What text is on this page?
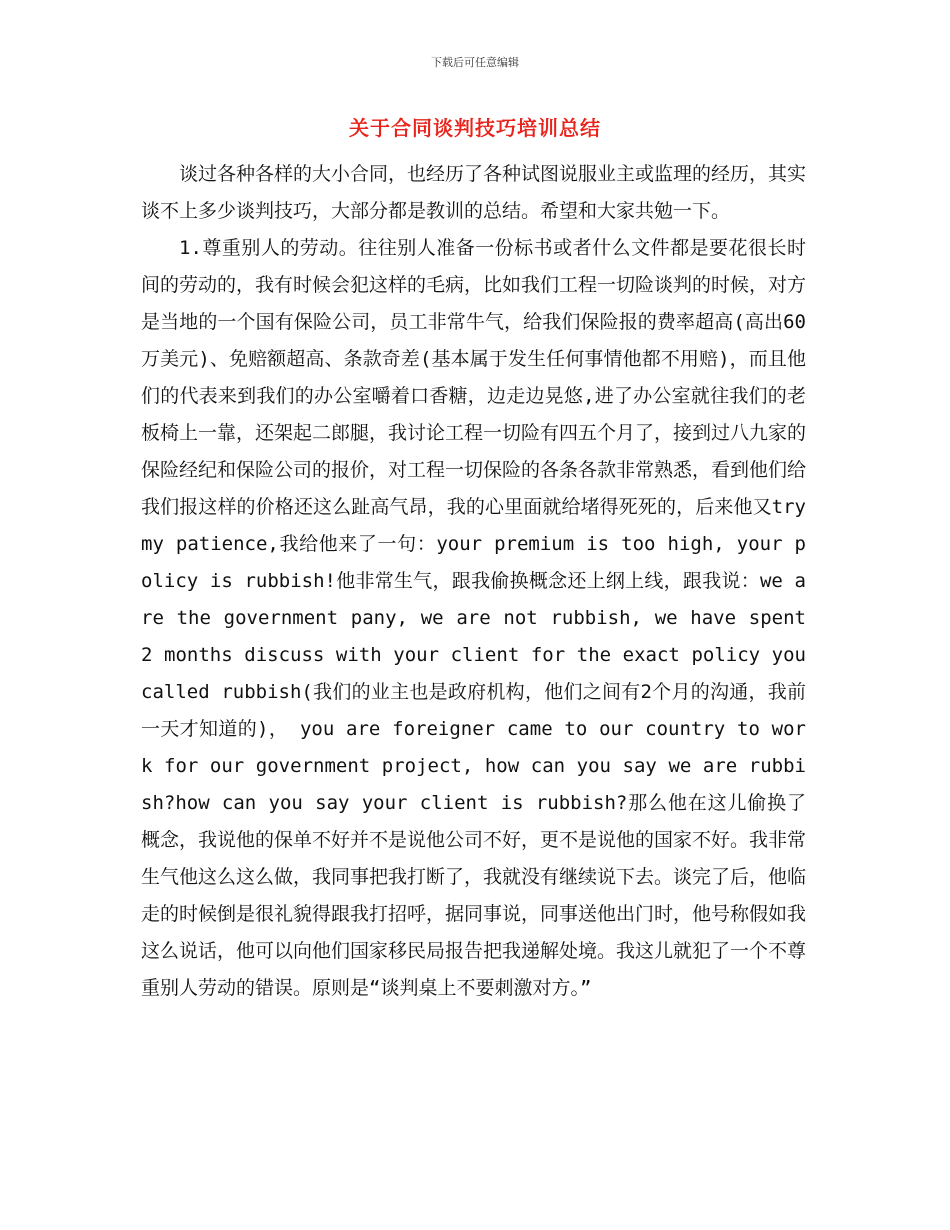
下载后可任意编辑
关于合同谈判技巧培训总结

谈过各种各样的大小合同，也经历了各种试图说服业主或监理的经历，其实谈不上多少谈判技巧，大部分都是教训的总结。希望和大家共勉一下。

1.尊重别人的劳动。往往别人准备一份标书或者什么文件都是要花很长时间的劳动的，我有时候会犯这样的毛病，比如我们工程一切险谈判的时候，对方是当地的一个国有保险公司，员工非常牛气，给我们保险报的费率超高(高出60万美元)、免赔额超高、条款奇差(基本属于发生任何事情他都不用赔)，而且他们的代表来到我们的办公室嚼着口香糖，边走边晃悠,进了办公室就往我们的老板椅上一靠，还架起二郎腿，我讨论工程一切险有四五个月了，接到过八九家的保险经纪和保险公司的报价，对工程一切保险的各条各款非常熟悉，看到他们给我们报这样的价格还这么趾高气昂，我的心里面就给堵得死死的，后来他又try my patience,我给他来了一句：your premium is too high, your policy is rubbish!他非常生气，跟我偷换概念还上纲上线，跟我说：we are the government pany, we are not rubbish, we have spent 2 months discuss with your client for the exact policy you called rubbish(我们的业主也是政府机构，他们之间有2个月的沟通，我前一天才知道的)， you are foreigner came to our country to work for our government project, how can you say we are rubbish?how can you say your client is rubbish?那么他在这儿偷换了概念，我说他的保单不好并不是说他公司不好，更不是说他的国家不好。我非常生气他这么这么做，我同事把我打断了，我就没有继续说下去。谈完了后，他临走的时候倒是很礼貌得跟我打招呼，据同事说，同事送他出门时，他号称假如我这么说话，他可以向他们国家移民局报告把我递解处境。我这儿就犯了一个不尊重别人劳动的错误。原则是“谈判桌上不要刺激对方。”
